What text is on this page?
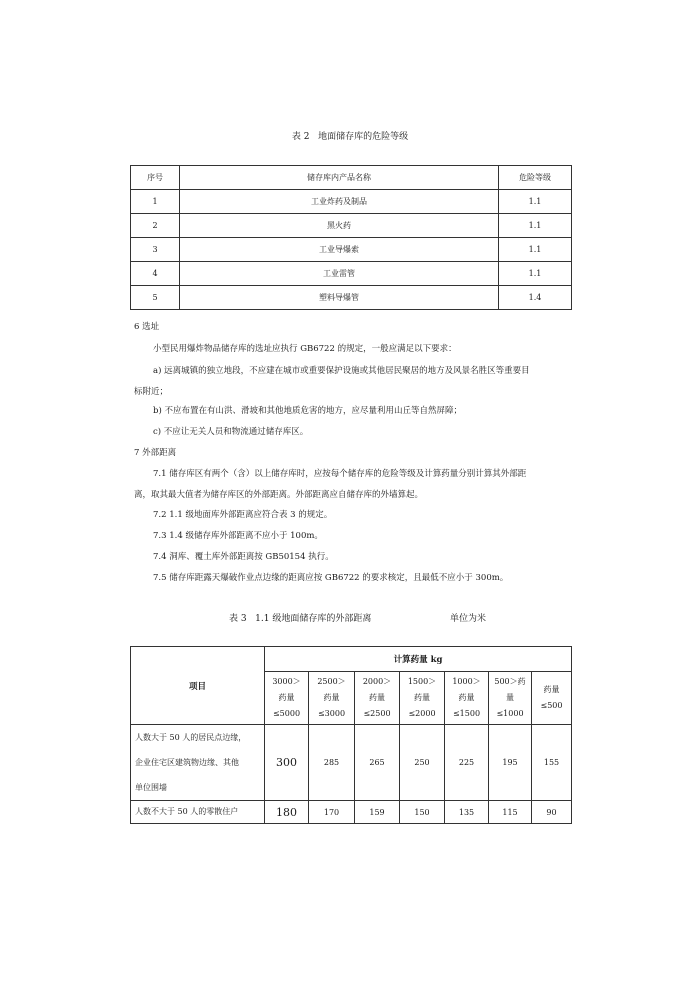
表 2   地面储存库的危险等级
序号	储存库内产品名称	危险等级
1	工业炸药及制品	1.1
2	黑火药	1.1
3	工业导爆索	1.1
4	工业雷管	1.1
5	塑料导爆管	1.4
6 选址
小型民用爆炸物品储存库的选址应执行 GB6722 的规定，一般应满足以下要求：
a) 远离城镇的独立地段，不应建在城市或重要保护设施或其他居民聚居的地方及风景名胜区等重要目
标附近；
b) 不应布置在有山洪、滑坡和其他地质危害的地方，应尽量利用山丘等自然屏障；
c) 不应让无关人员和物流通过储存库区。
7 外部距离
7.1 储存库区有两个（含）以上储存库时，应按每个储存库的危险等级及计算药量分别计算其外部距
离，取其最大值者为储存库区的外部距离。外部距离应自储存库的外墙算起。
7.2 1.1 级地面库外部距离应符合表 3 的规定。
7.3 1.4 级储存库外部距离不应小于 100m。
7.4 洞库、覆土库外部距离按 GB50154 执行。
7.5 储存库距露天爆破作业点边缘的距离应按 GB6722 的要求核定，且最低不应小于 300m。
表 3   1.1 级地面储存库的外部距离	单位为米
项目	计算药量 kg						
	3000＞
药量
≤5000	2500＞
药量
≤3000	2000＞
药量
≤2500	1500＞
药量
≤2000	1000＞
药量
≤1500	500＞药
量
≤1000	药量
≤500
人数大于 50 人的居民点边缘，
企业住宅区建筑物边缘、其他
单位围墙	300	285	265	250	225	195	155
人数不大于 50 人的零散住户	180	170	159	150	135	115	90
